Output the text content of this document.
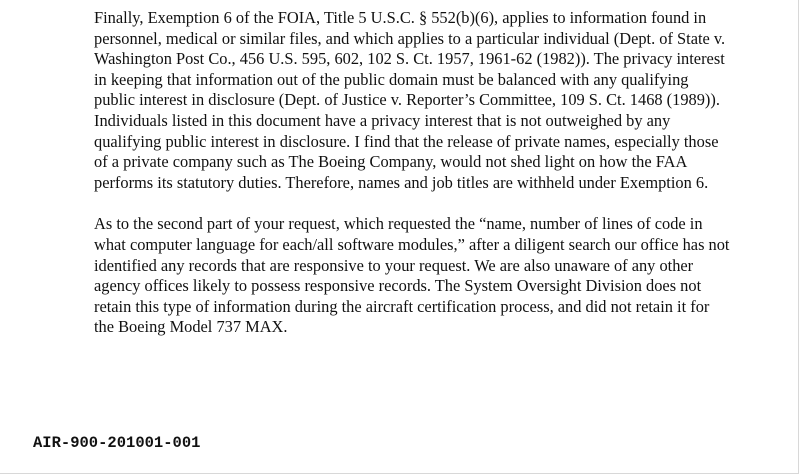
Finally, Exemption 6 of the FOIA, Title 5 U.S.C. § 552(b)(6), applies to information found in
personnel, medical or similar files, and which applies to a particular individual (Dept. of State v.
Washington Post Co., 456 U.S. 595, 602, 102 S. Ct. 1957, 1961-62 (1982)). The privacy interest
in keeping that information out of the public domain must be balanced with any qualifying
public interest in disclosure (Dept. of Justice v. Reporter’s Committee, 109 S. Ct. 1468 (1989)).
Individuals listed in this document have a privacy interest that is not outweighed by any
qualifying public interest in disclosure. I find that the release of private names, especially those
of a private company such as The Boeing Company, would not shed light on how the FAA
performs its statutory duties. Therefore, names and job titles are withheld under Exemption 6.

As to the second part of your request, which requested the “name, number of lines of code in
what computer language for each/all software modules,” after a diligent search our office has not
identified any records that are responsive to your request. We are also unaware of any other
agency offices likely to possess responsive records. The System Oversight Division does not
retain this type of information during the aircraft certification process, and did not retain it for
the Boeing Model 737 MAX.

AIR-900-201001-001
